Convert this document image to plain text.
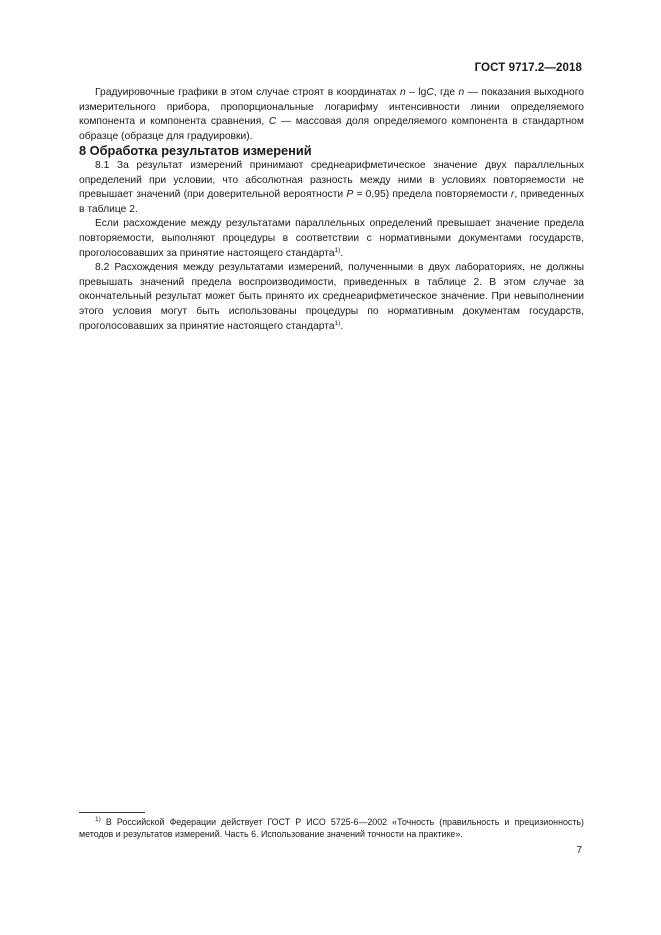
ГОСТ 9717.2—2018

Градуировочные графики в этом случае строят в координатах n – lgC, где n — показания выходного измерительного прибора, пропорциональные логарифму интенсивности линии определяемого компонента и компонента сравнения, C — массовая доля определяемого компонента в стандартном образце (образце для градуировки).

8 Обработка результатов измерений

8.1 За результат измерений принимают среднеарифметическое значение двух параллельных определений при условии, что абсолютная разность между ними в условиях повторяемости не превышает значений (при доверительной вероятности P = 0,95) предела повторяемости r, приведенных в таблице 2.

Если расхождение между результатами параллельных определений превышает значение предела повторяемости, выполняют процедуры в соответствии с нормативными документами государств, проголосовавших за принятие настоящего стандарта$^{1)}$.

8.2 Расхождения между результатами измерений, полученными в двух лабораториях, не должны превышать значений предела воспроизводимости, приведенных в таблице 2. В этом случае за окончательный результат может быть принято их среднеарифметическое значение. При невыполнении этого условия могут быть использованы процедуры по нормативным документам государств, проголосовавших за принятие настоящего стандарта$^{1)}$.

$^{1)}$ В Российской Федерации действует ГОСТ Р ИСО 5725-6—2002 «Точность (правильность и прецизионность) методов и результатов измерений. Часть 6. Использование значений точности на практике».

7
